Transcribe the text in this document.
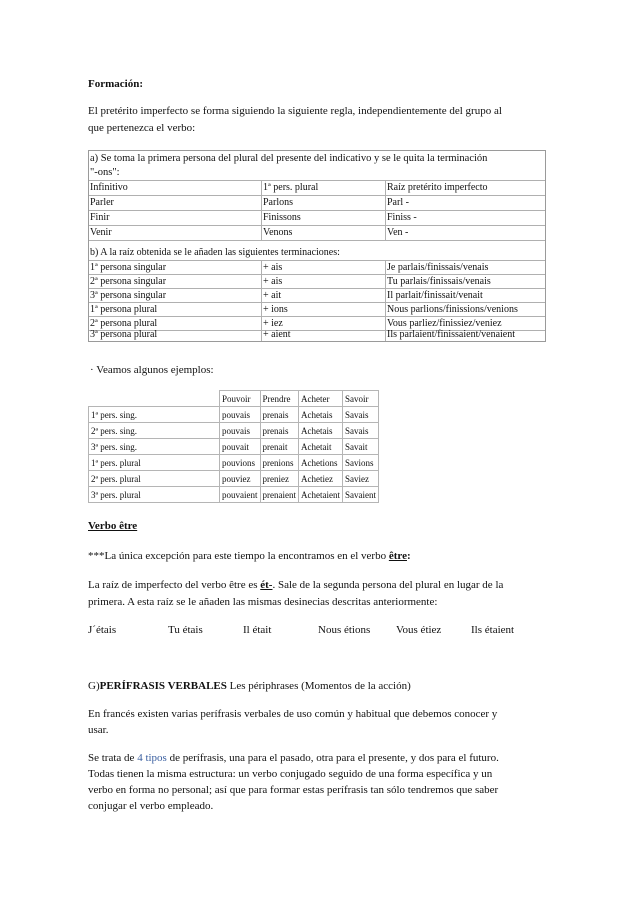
Formación:

El pretérito imperfecto se forma siguiendo la siguiente regla, independientemente del grupo al

que pertenezca el verbo:

a) Se toma la primera persona del plural del presente del indicativo y se le quita la terminación
"-ons":
Infinitivo	1ª pers. plural	Raíz pretérito imperfecto
Parler	Parlons	Parl -
Finir	Finissons	Finiss -
Venir	Venons	Ven -
b) A la raíz obtenida se le añaden las siguientes terminaciones:
1ª persona singular	+ ais	Je parlais/finissais/venais
2ª persona singular	+ ais	Tu parlais/finissais/venais
3ª persona singular	+ ait	Il parlait/finissait/venait
1ª persona plural	+ ions	Nous parlions/finissions/venions
2ª persona plural	+ iez	Vous parliez/finissiez/veniez
3ª persona plural	+ aient	Ils parlaient/finissaient/venaient

· Veamos algunos ejemplos:

	Pouvoir	Prendre	Acheter	Savoir
1ª pers. sing.	pouvais	prenais	Achetais	Savais
2ª pers. sing.	pouvais	prenais	Achetais	Savais
3ª pers. sing.	pouvait	prenait	Achetait	Savait
1ª pers. plural	pouvions	prenions	Achetions	Savions
2ª pers. plural	pouviez	preniez	Achetiez	Saviez
3ª pers. plural	pouvaient	prenaient	Achetaient	Savaient

Verbo être

***La única excepción para este tiempo la encontramos en el verbo être:

La raíz de imperfecto del verbo être es ét-. Sale de la segunda persona del plural en lugar de la

primera. A esta raíz se le añaden las mismas desinecias descritas anteriormente:

J´étais	Tu étais	Il était	Nous étions Vous étiez	Ils étaient

G)PERÍFRASIS VERBALES Les périphrases (Momentos de la acción)

En francés existen varias perífrasis verbales de uso común y habitual que debemos conocer y

usar.

Se trata de 4 tipos de perífrasis, una para el pasado, otra para el presente, y dos para el futuro.

Todas tienen la misma estructura: un verbo conjugado seguido de una forma específica y un

verbo en forma no personal; así que para formar estas perífrasis tan sólo tendremos que saber

conjugar el verbo empleado.
